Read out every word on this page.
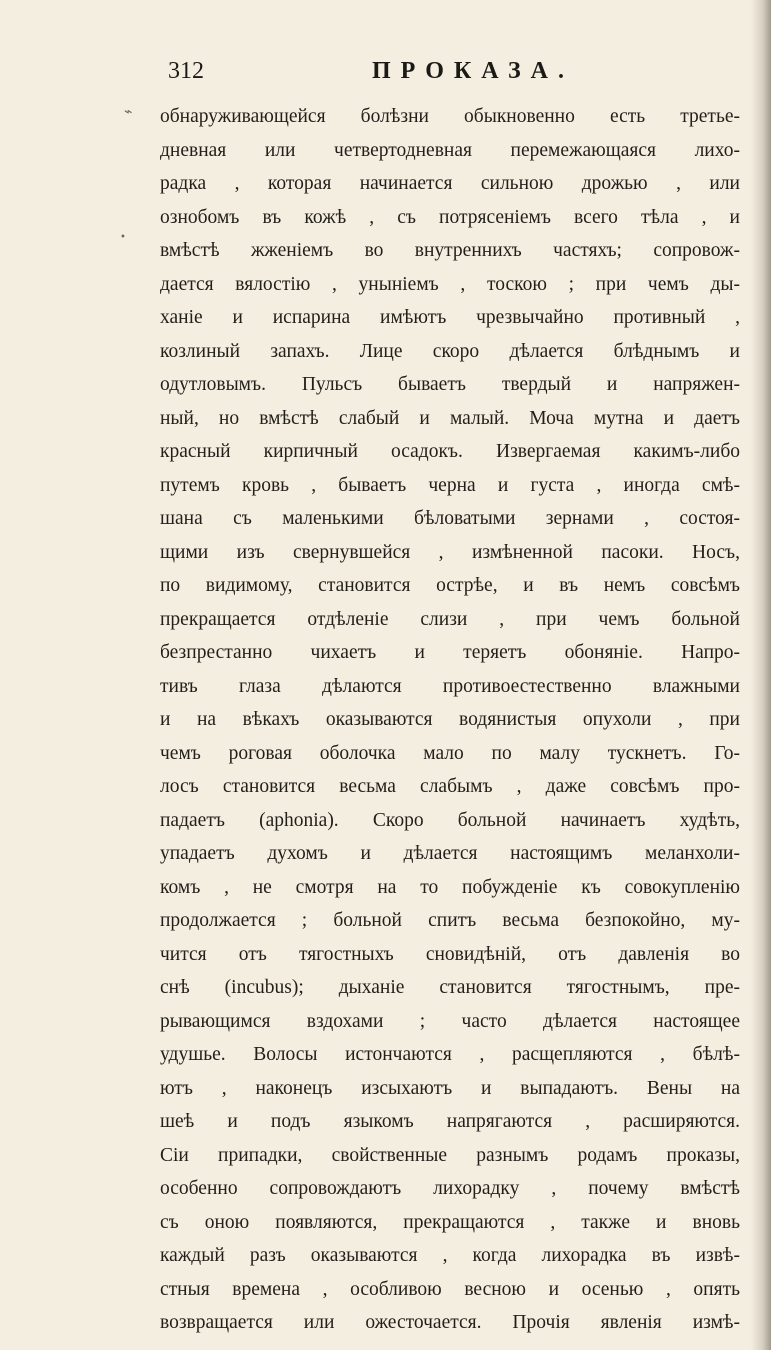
312	ПРОКАЗА.
⌁
•
обнаруживающейся болѣзни обыкновенно есть третье-
дневная или четвертодневная перемежающаяся лихо-
радка , которая начинается сильною дрожью , или
ознобомъ въ кожѣ , съ потрясеніемъ всего тѣла , и
вмѣстѣ жженіемъ во внутреннихъ частяхъ; сопровож-
дается вялостію , уныніемъ , тоскою ; при чемъ ды-
ханіе и испарина имѣютъ чрезвычайно противный ,
козлиный запахъ. Лице скоро дѣлается блѣднымъ и
одутловымъ. Пульсъ бываетъ твердый и напряжен-
ный, но вмѣстѣ слабый и малый. Моча мутна и даетъ
красный кирпичный осадокъ. Извергаемая какимъ-либо
путемъ кровь , бываетъ черна и густа , иногда смѣ-
шана съ маленькими бѣловатыми зернами , состоя-
щими изъ свернувшейся , измѣненной пасоки. Носъ,
по видимому, становится острѣе, и въ немъ совсѣмъ
прекращается отдѣленіе слизи , при чемъ больной
безпрестанно чихаетъ и теряетъ обоняніе. Напро-
тивъ глаза дѣлаются противоестественно влажными
и на вѣкахъ оказываются водянистыя опухоли , при
чемъ роговая оболочка мало по малу тускнетъ. Го-
лосъ становится весьма слабымъ , даже совсѣмъ про-
падаетъ (aphonia). Скоро больной начинаетъ худѣть,
упадаетъ духомъ и дѣлается настоящимъ меланхоли-
комъ , не смотря на то побужденіе къ совокупленію
продолжается ; больной спитъ весьма безпокойно, му-
чится отъ тягостныхъ сновидѣній, отъ давленія во
снѣ (incubus); дыханіе становится тягостнымъ, пре-
рывающимся вздохами ; часто дѣлается настоящее
удушье. Волосы истончаются , расщепляются , бѣлѣ-
ютъ , наконецъ изсыхаютъ и выпадаютъ. Вены на
шеѣ и подъ языкомъ напрягаются , расширяются.
Сіи припадки, свойственные разнымъ родамъ проказы,
особенно сопровождаютъ лихорадку , почему вмѣстѣ
съ оною появляются, прекращаются , также и вновь
каждый разъ оказываются , когда лихорадка въ извѣ-
стныя времена , особливою весною и осенью , опять
возвращается или ожесточается. Прочія явленія измѣ-
